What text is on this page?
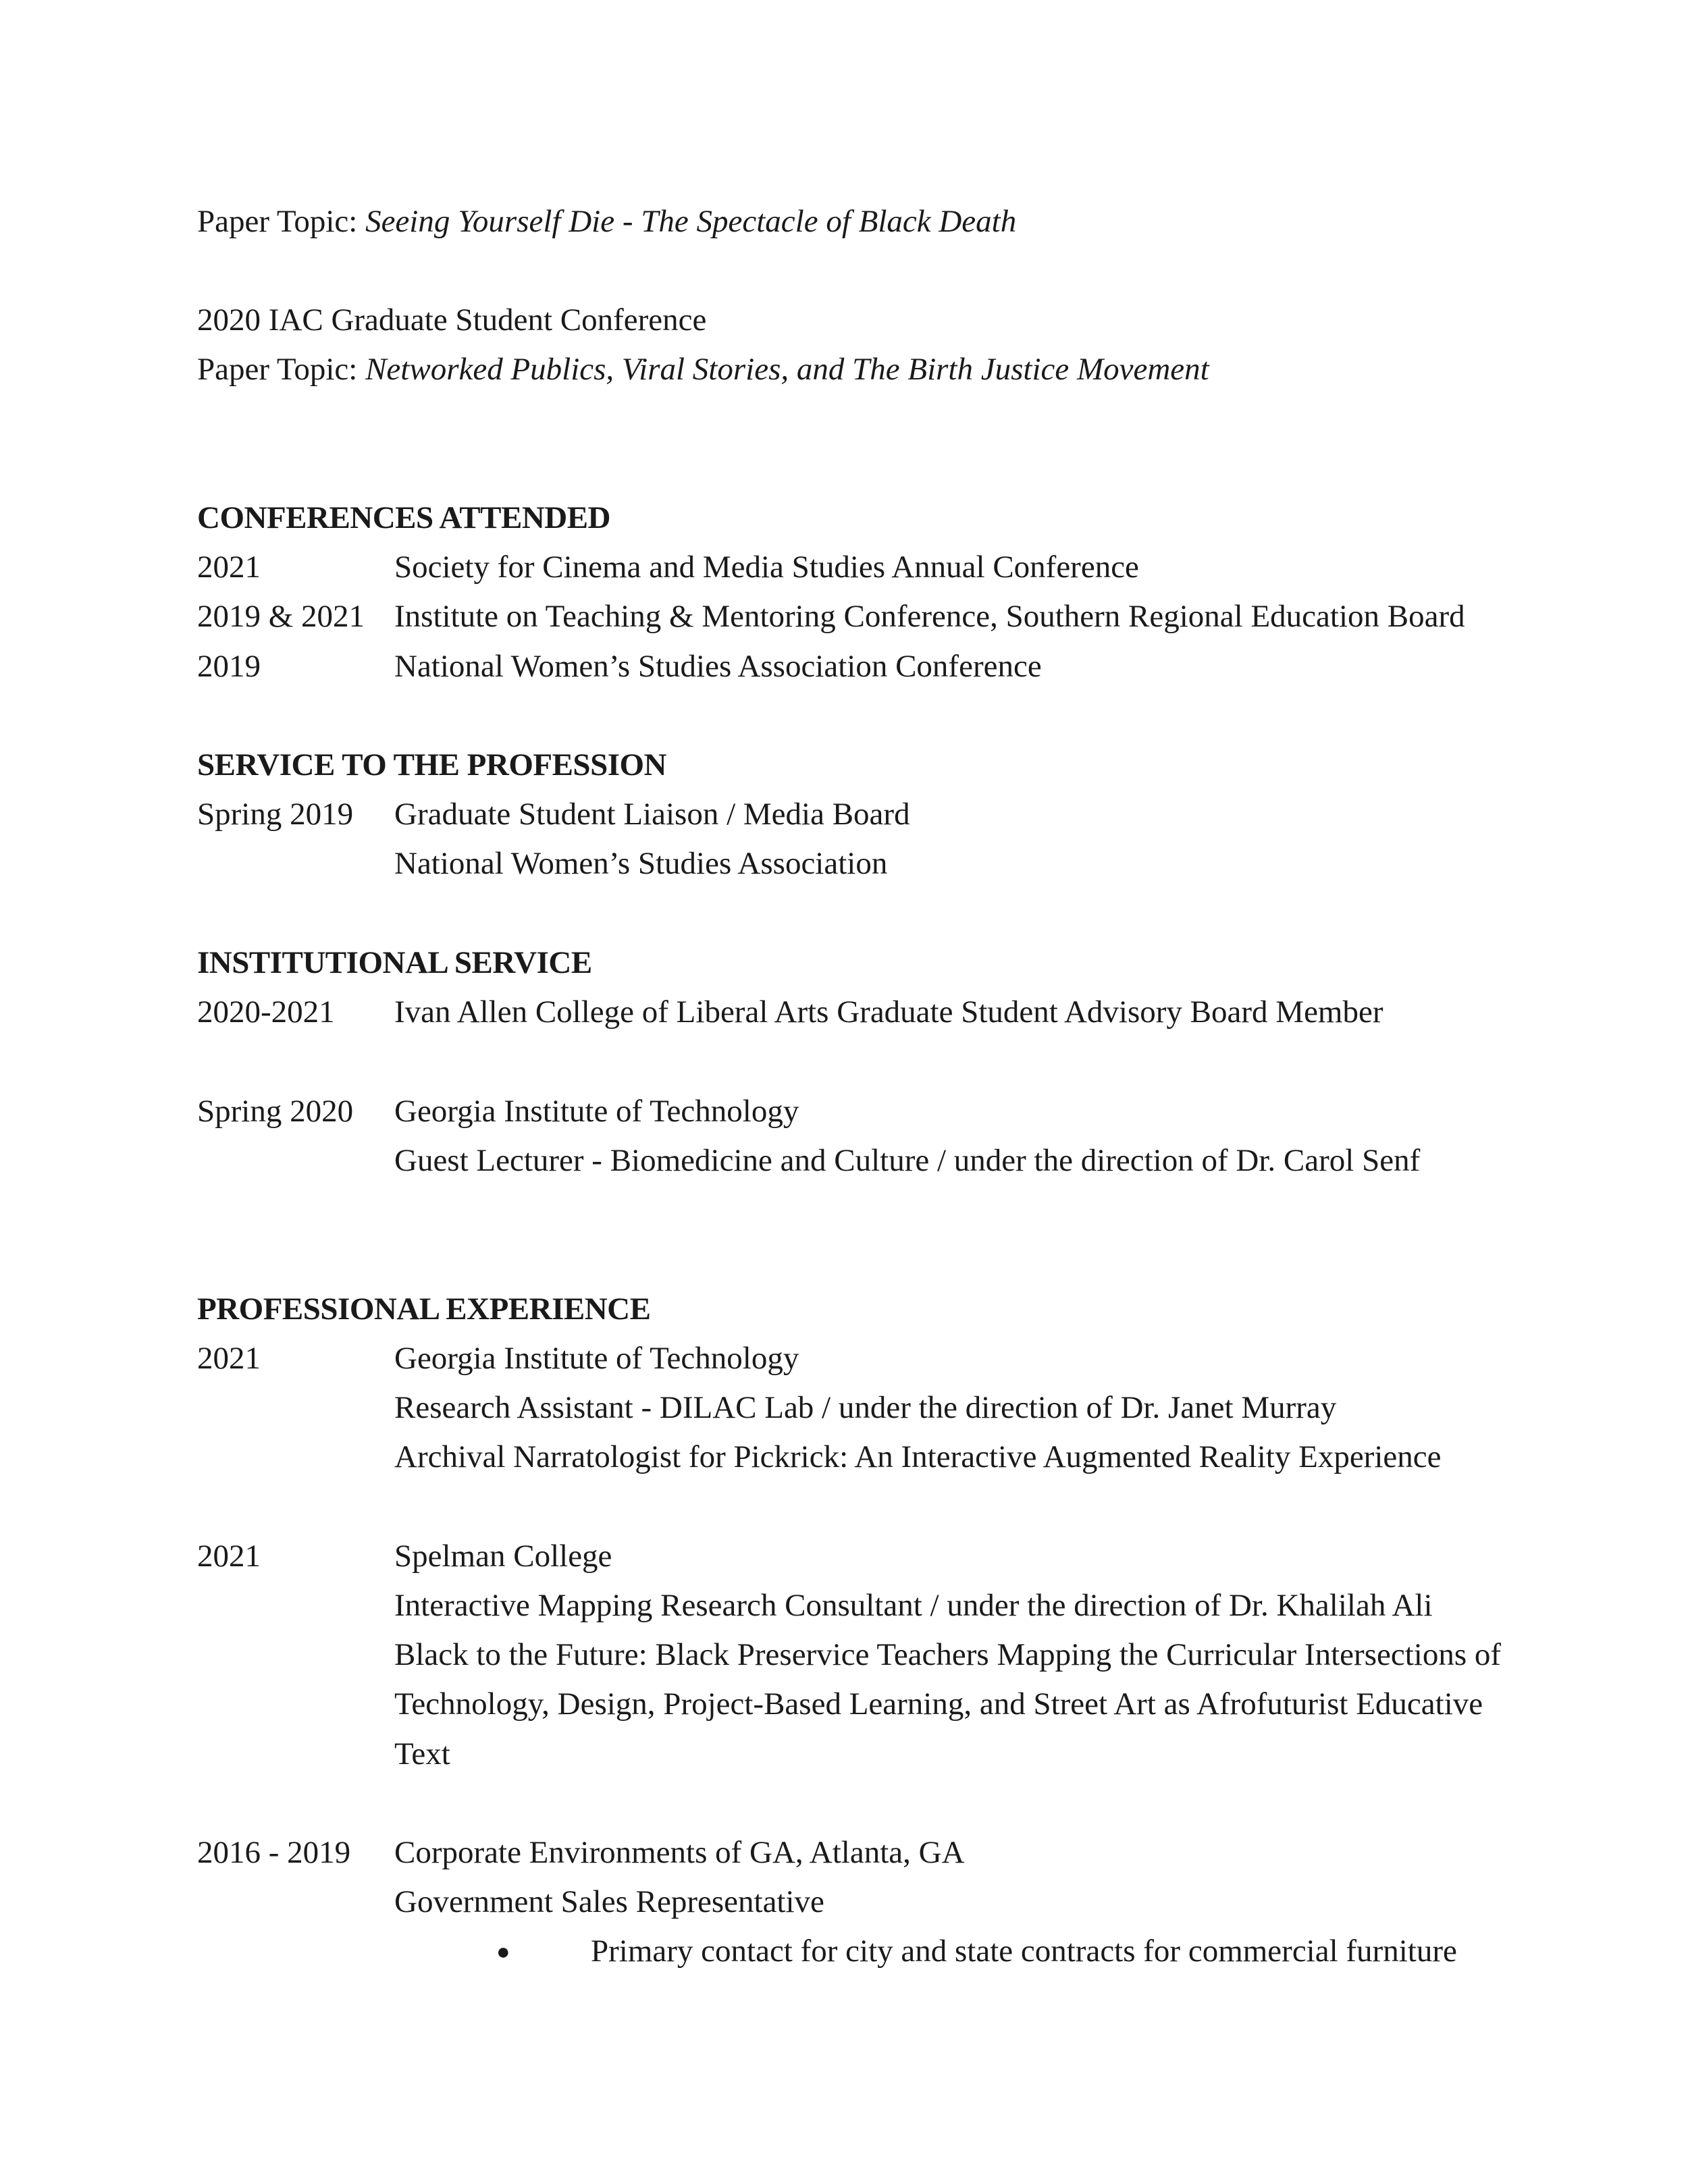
Paper Topic: Seeing Yourself Die - The Spectacle of Black Death
2020 IAC Graduate Student Conference
Paper Topic: Networked Publics, Viral Stories, and The Birth Justice Movement
CONFERENCES ATTENDED
2021	Society for Cinema and Media Studies Annual Conference
2019 & 2021 Institute on Teaching & Mentoring Conference, Southern Regional Education Board
2019	National Women’s Studies Association Conference
SERVICE TO THE PROFESSION
Spring 2019 Graduate Student Liaison / Media Board
National Women’s Studies Association
INSTITUTIONAL SERVICE
2020-2021 Ivan Allen College of Liberal Arts Graduate Student Advisory Board Member
Spring 2020 Georgia Institute of Technology
Guest Lecturer - Biomedicine and Culture / under the direction of Dr. Carol Senf
PROFESSIONAL EXPERIENCE
2021	Georgia Institute of Technology
Research Assistant - DILAC Lab / under the direction of Dr. Janet Murray
Archival Narratologist for Pickrick: An Interactive Augmented Reality Experience
2021	Spelman College
Interactive Mapping Research Consultant / under the direction of Dr. Khalilah Ali
Black to the Future: Black Preservice Teachers Mapping the Curricular Intersections of
Technology, Design, Project-Based Learning, and Street Art as Afrofuturist Educative
Text
2016 - 2019 Corporate Environments of GA, Atlanta, GA
Government Sales Representative
●	Primary contact for city and state contracts for commercial furniture
